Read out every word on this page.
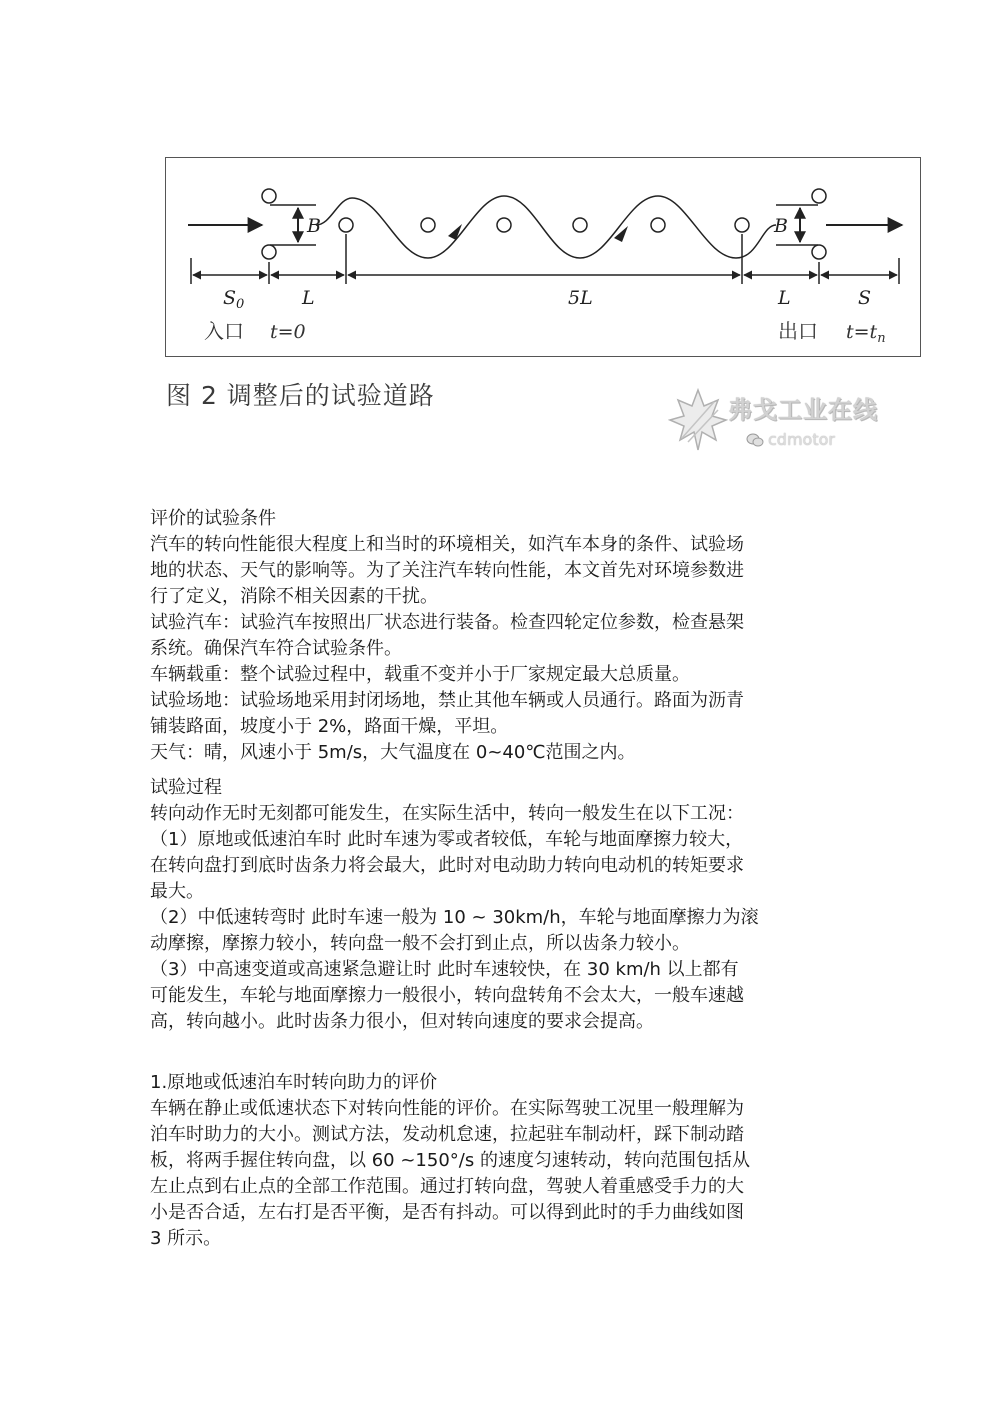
B	B
$S_0$	L	5L	L	S
入口 t=0	出口 $t=t_n$
图 2 调整后的试验道路	弗戈工业在线
cdmotor

评价的试验条件

汽车的转向性能很大程度上和当时的环境相关，如汽车本身的条件、试验场

地的状态、天气的影响等。为了关注汽车转向性能，本文首先对环境参数进

行了定义，消除不相关因素的干扰。

试验汽车：试验汽车按照出厂状态进行装备。检查四轮定位参数，检查悬架

系统。确保汽车符合试验条件。

车辆载重：整个试验过程中，载重不变并小于厂家规定最大总质量。

试验场地：试验场地采用封闭场地，禁止其他车辆或人员通行。路面为沥青

铺装路面，坡度小于 2%，路面干燥，平坦。

天气：晴，风速小于 5m/s，大气温度在 0~40℃范围之内。

试验过程

转向动作无时无刻都可能发生，在实际生活中，转向一般发生在以下工况：

（1）原地或低速泊车时 此时车速为零或者较低，车轮与地面摩擦力较大，

在转向盘打到底时齿条力将会最大，此时对电动助力转向电动机的转矩要求

最大。

（2）中低速转弯时 此时车速一般为 10 ~ 30km/h，车轮与地面摩擦力为滚

动摩擦，摩擦力较小，转向盘一般不会打到止点，所以齿条力较小。

（3）中高速变道或高速紧急避让时 此时车速较快，在 30 km/h 以上都有

可能发生，车轮与地面摩擦力一般很小，转向盘转角不会太大，一般车速越

高，转向越小。此时齿条力很小，但对转向速度的要求会提高。

1.原地或低速泊车时转向助力的评价

车辆在静止或低速状态下对转向性能的评价。在实际驾驶工况里一般理解为

泊车时助力的大小。测试方法，发动机怠速，拉起驻车制动杆，踩下制动踏

板，将两手握住转向盘，以 60 ~150°/s 的速度匀速转动，转向范围包括从

左止点到右止点的全部工作范围。通过打转向盘，驾驶人着重感受手力的大

小是否合适，左右打是否平衡，是否有抖动。可以得到此时的手力曲线如图

3 所示。
